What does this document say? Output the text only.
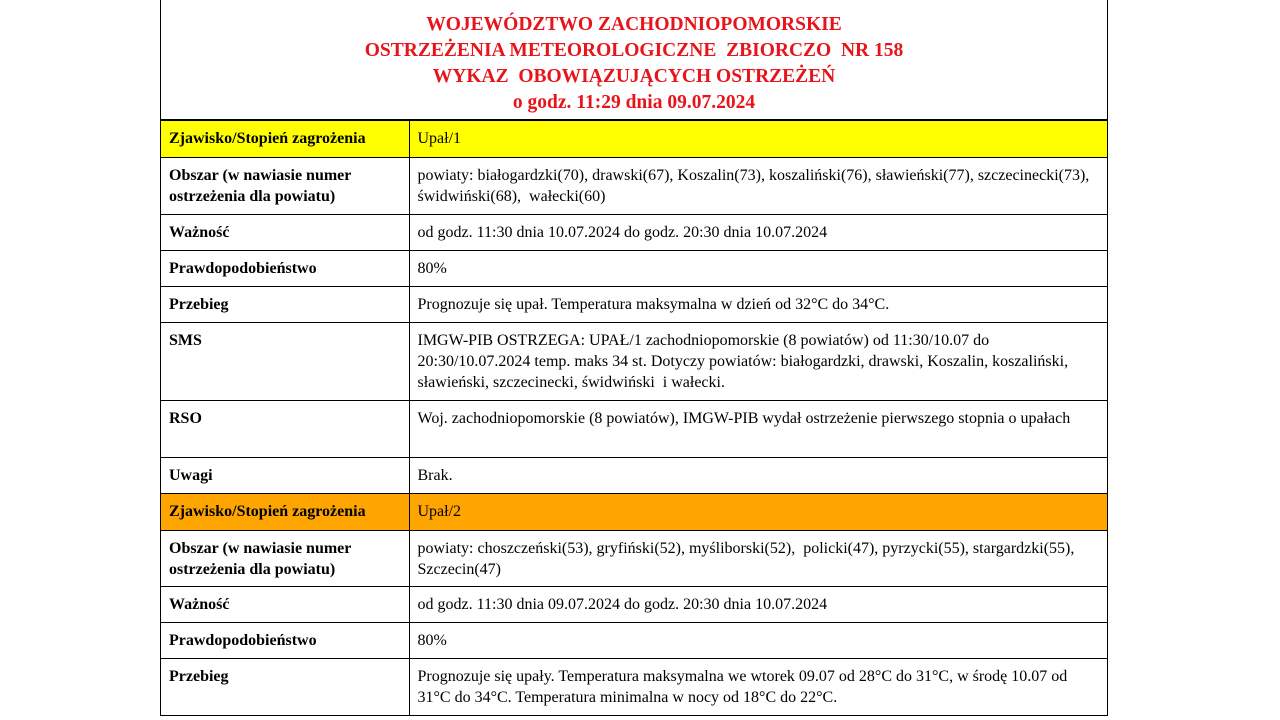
WOJEWÓDZTWO ZACHODNIOPOMORSKIE
OSTRZEŻENIA METEOROLOGICZNE  ZBIORCZO  NR 158
WYKAZ  OBOWIĄZUJĄCYCH OSTRZEŻEŃ
o godz. 11:29 dnia 09.07.2024
Zjawisko/Stopień zagrożenia	Upał/1
Obszar (w nawiasie numer ostrzeżenia dla powiatu)	powiaty: białogardzki(70), drawski(67), Koszalin(73), koszaliński(76), sławieński(77), szczecinecki(73), świdwiński(68),  wałecki(60)
Ważność	od godz. 11:30 dnia 10.07.2024 do godz. 20:30 dnia 10.07.2024
Prawdopodobieństwo	80%
Przebieg	Prognozuje się upał. Temperatura maksymalna w dzień od 32°C do 34°C.
SMS	IMGW-PIB OSTRZEGA: UPAŁ/1 zachodniopomorskie (8 powiatów) od 11:30/10.07 do 20:30/10.07.2024 temp. maks 34 st. Dotyczy powiatów: białogardzki, drawski, Koszalin, koszaliński, sławieński, szczecinecki, świdwiński  i wałecki.
RSO	Woj. zachodniopomorskie (8 powiatów), IMGW-PIB wydał ostrzeżenie pierwszego stopnia o upałach
Uwagi	Brak.
Zjawisko/Stopień zagrożenia	Upał/2
Obszar (w nawiasie numer ostrzeżenia dla powiatu)	powiaty: choszczeński(53), gryfiński(52), myśliborski(52),  policki(47), pyrzycki(55), stargardzki(55), Szczecin(47)
Ważność	od godz. 11:30 dnia 09.07.2024 do godz. 20:30 dnia 10.07.2024
Prawdopodobieństwo	80%
Przebieg	Prognozuje się upały. Temperatura maksymalna we wtorek 09.07 od 28°C do 31°C, w środę 10.07 od 31°C do 34°C. Temperatura minimalna w nocy od 18°C do 22°C.
